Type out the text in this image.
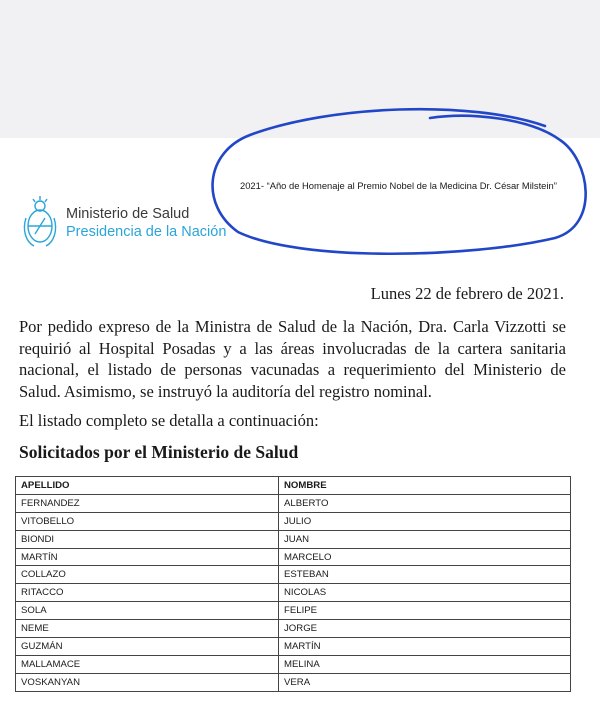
2021- “Año de Homenaje al Premio Nobel de la Medicina Dr. César Milstein”
Ministerio de Salud
Presidencia de la Nación
Lunes 22 de febrero de 2021.
Por pedido expreso de la Ministra de Salud de la Nación, Dra. Carla Vizzotti se requirió al Hospital Posadas y a las áreas involucradas de la cartera sanitaria nacional, el listado de personas vacunadas a requerimiento del Ministerio de Salud. Asimismo, se instruyó la auditoría del registro nominal.
El listado completo se detalla a continuación:
Solicitados por el Ministerio de Salud
APELLIDO	NOMBRE
FERNANDEZ	ALBERTO
VITOBELLO	JULIO
BIONDI	JUAN
MARTÍN	MARCELO
COLLAZO	ESTEBAN
RITACCO	NICOLAS
SOLA	FELIPE
NEME	JORGE
GUZMÁN	MARTÍN
MALLAMACE	MELINA
VOSKANYAN	VERA
